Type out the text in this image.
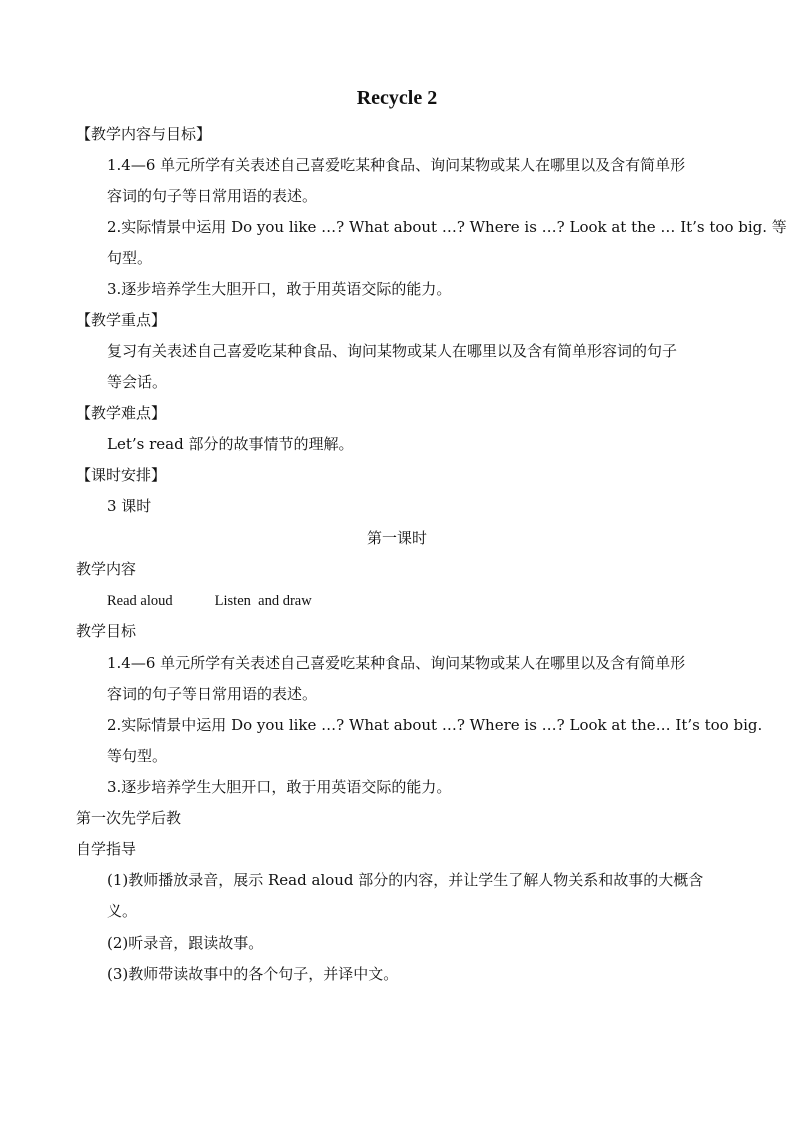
Recycle 2
【教学内容与目标】
1.4—6 单元所学有关表述自己喜爱吃某种食品、询问某物或某人在哪里以及含有简单形
容词的句子等日常用语的表述。
2.实际情景中运用 Do you like …? What about …? Where is …? Look at the … It’s too big. 等
句型。
3.逐步培养学生大胆开口，敢于用英语交际的能力。
【教学重点】
复习有关表述自己喜爱吃某种食品、询问某物或某人在哪里以及含有简单形容词的句子
等会话。
【教学难点】
Let’s read 部分的故事情节的理解。
【课时安排】
3 课时
第一课时
教学内容
Read aloud	Listen  and draw
教学目标
1.4—6 单元所学有关表述自己喜爱吃某种食品、询问某物或某人在哪里以及含有简单形
容词的句子等日常用语的表述。
2.实际情景中运用 Do you like …? What about …? Where is …? Look at the… It’s too big.
等句型。
3.逐步培养学生大胆开口，敢于用英语交际的能力。
第一次先学后教
自学指导
(1)教师播放录音，展示 Read aloud 部分的内容，并让学生了解人物关系和故事的大概含
义。
(2)听录音，跟读故事。
(3)教师带读故事中的各个句子，并译中文。
